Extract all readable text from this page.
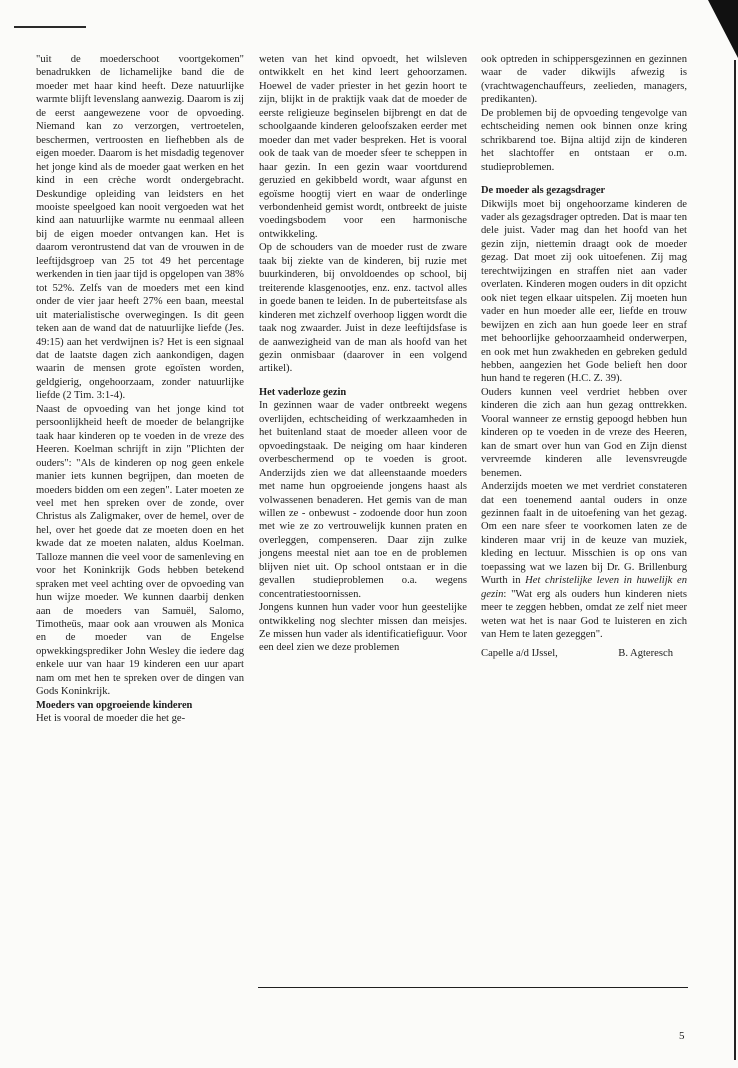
"uit de moederschoot voortgekomen" benadrukken de lichamelijke band die de moeder met haar kind heeft. Deze natuurlijke warmte blijft levenslang aanwezig. Daarom is zij de eerst aangewezene voor de opvoeding. Niemand kan zo verzorgen, vertroetelen, beschermen, vertroosten en liefhebben als de eigen moeder. Daarom is het misdadig tegenover het jonge kind als de moeder gaat werken en het kind in een crèche wordt ondergebracht. Deskundige opleiding van leidsters en het mooiste speelgoed kan nooit vergoeden wat het kind aan natuurlijke warmte nu eenmaal alleen bij de eigen moeder ontvangen kan. Het is daarom verontrustend dat van de vrouwen in de leeftijdsgroep van 25 tot 49 het percentage werkenden in tien jaar tijd is opgelopen van 38% tot 52%. Zelfs van de moeders met een kind onder de vier jaar heeft 27% een baan, meestal uit materialistische overwegingen. Is dit geen teken aan de wand dat de natuurlijke liefde (Jes. 49:15) aan het verdwijnen is? Het is een signaal dat de laatste dagen zich aankondigen, dagen waarin de mensen grote egoïsten worden, geldgierig, ongehoorzaam, zonder natuurlijke liefde (2 Tim. 3:1-4).

Naast de opvoeding van het jonge kind tot persoonlijkheid heeft de moeder de belangrijke taak haar kinderen op te voeden in de vreze des Heeren. Koelman schrijft in zijn "Plichten der ouders": "Als de kinderen op nog geen enkele manier iets kunnen begrijpen, dan moeten de moeders bidden om een zegen". Later moeten ze veel met hen spreken over de zonde, over Christus als Zaligmaker, over de hemel, over de hel, over het goede dat ze moeten doen en het kwade dat ze moeten nalaten, aldus Koelman. Talloze mannen die veel voor de samenleving en voor het Koninkrijk Gods hebben betekend spraken met veel achting over de opvoeding van hun wijze moeder. We kunnen daarbij denken aan de moeders van Samuël, Salomo, Timotheüs, maar ook aan vrouwen als Monica en de moeder van de Engelse opwekkingsprediker John Wesley die iedere dag enkele uur van haar 19 kinderen een uur apart nam om met hen te spreken over de dingen van Gods Koninkrijk.

Moeders van opgroeiende kinderen

Het is vooral de moeder die het ge-

weten van het kind opvoedt, het wilsleven ontwikkelt en het kind leert gehoorzamen. Hoewel de vader priester in het gezin hoort te zijn, blijkt in de praktijk vaak dat de moeder de eerste religieuze beginselen bijbrengt en dat de schoolgaande kinderen geloofszaken eerder met moeder dan met vader bespreken. Het is vooral ook de taak van de moeder sfeer te scheppen in haar gezin. In een gezin waar voortdurend geruzied en gekibbeld wordt, waar afgunst en egoïsme hoogtij viert en waar de onderlinge verbondenheid gemist wordt, ontbreekt de juiste voedingsbodem voor een harmonische ontwikkeling.

Op de schouders van de moeder rust de zware taak bij ziekte van de kinderen, bij ruzie met buurkinderen, bij onvoldoendes op school, bij treiterende klasgenootjes, enz. enz. tactvol alles in goede banen te leiden. In de puberteitsfase als kinderen met zichzelf overhoop liggen wordt die taak nog zwaarder. Juist in deze leeftijdsfase is de aanwezigheid van de man als hoofd van het gezin onmisbaar (daarover in een volgend artikel).

Het vaderloze gezin

In gezinnen waar de vader ontbreekt wegens overlijden, echtscheiding of werkzaamheden in het buitenland staat de moeder alleen voor de opvoedingstaak. De neiging om haar kinderen overbeschermend op te voeden is groot. Anderzijds zien we dat alleenstaande moeders met name hun opgroeiende jongens haast als volwassenen benaderen. Het gemis van de man willen ze - onbewust - zodoende door hun zoon met wie ze zo vertrouwelijk kunnen praten en overleggen, compenseren. Daar zijn zulke jongens meestal niet aan toe en de problemen blijven niet uit. Op school ontstaan er in die gevallen studieproblemen o.a. wegens concentratiestoornissen.

Jongens kunnen hun vader voor hun geestelijke ontwikkeling nog slechter missen dan meisjes. Ze missen hun vader als identificatiefiguur. Voor een deel zien we deze problemen

ook optreden in schippersgezinnen en gezinnen waar de vader dikwijls afwezig is (vrachtwagenchauffeurs, zeelieden, managers, predikanten).

De problemen bij de opvoeding tengevolge van echtscheiding nemen ook binnen onze kring schrikbarend toe. Bijna altijd zijn de kinderen het slachtoffer en ontstaan er o.m. studieproblemen.

De moeder als gezagsdrager

Dikwijls moet bij ongehoorzame kinderen de vader als gezagsdrager optreden. Dat is maar ten dele juist. Vader mag dan het hoofd van het gezin zijn, niettemin draagt ook de moeder gezag. Dat moet zij ook uitoefenen. Zij mag terechtwijzingen en straffen niet aan vader overlaten. Kinderen mogen ouders in dit opzicht ook niet tegen elkaar uitspelen. Zij moeten hun vader en hun moeder alle eer, liefde en trouw bewijzen en zich aan hun goede leer en straf met behoorlijke gehoorzaamheid onderwerpen, en ook met hun zwakheden en gebreken geduld hebben, aangezien het Gode belieft hen door hun hand te regeren (H.C. Z. 39).

Ouders kunnen veel verdriet hebben over kinderen die zich aan hun gezag onttrekken. Vooral wanneer ze ernstig gepoogd hebben hun kinderen op te voeden in de vreze des Heeren, kan de smart over hun van God en Zijn dienst vervreemde kinderen alle levensvreugde benemen.

Anderzijds moeten we met verdriet constateren dat een toenemend aantal ouders in onze gezinnen faalt in de uitoefening van het gezag. Om een nare sfeer te voorkomen laten ze de kinderen maar vrij in de keuze van muziek, kleding en lectuur. Misschien is op ons van toepassing wat we lazen bij Dr. G. Brillenburg Wurth in Het christelijke leven in huwelijk en gezin: "Wat erg als ouders hun kinderen niets meer te zeggen hebben, omdat ze zelf niet meer weten wat het is naar God te luisteren en zich van Hem te laten gezeggen".

Capelle a/d IJssel,	B. Agteresch

5
